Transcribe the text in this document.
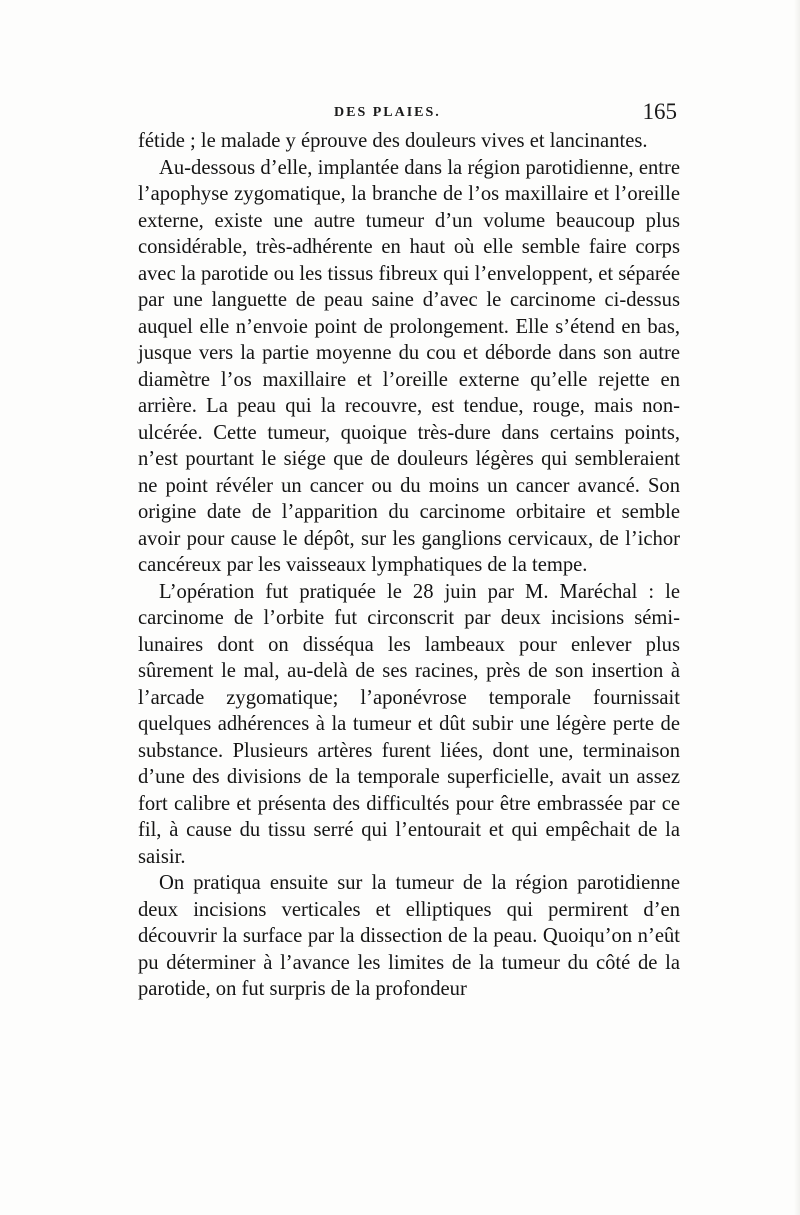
DES PLAIES.	165

fétide ; le malade y éprouve des douleurs vives et lancinantes.

Au-dessous d’elle, implantée dans la région parotidienne, entre l’apophyse zygomatique, la branche de l’os maxillaire et l’oreille externe, existe une autre tumeur d’un volume beaucoup plus considérable, très-adhérente en haut où elle semble faire corps avec la parotide ou les tissus fibreux qui l’enveloppent, et séparée par une languette de peau saine d’avec le carcinome ci-dessus auquel elle n’envoie point de prolongement. Elle s’étend en bas, jusque vers la partie moyenne du cou et déborde dans son autre diamètre l’os maxillaire et l’oreille externe qu’elle rejette en arrière. La peau qui la recouvre, est tendue, rouge, mais non-ulcérée. Cette tumeur, quoique très-dure dans certains points, n’est pourtant le siége que de douleurs légères qui sembleraient ne point révéler un cancer ou du moins un cancer avancé. Son origine date de l’apparition du carcinome orbitaire et semble avoir pour cause le dépôt, sur les ganglions cervicaux, de l’ichor cancéreux par les vaisseaux lymphatiques de la tempe.

L’opération fut pratiquée le 28 juin par M. Maréchal : le carcinome de l’orbite fut circonscrit par deux incisions sémi-lunaires dont on disséqua les lambeaux pour enlever plus sûrement le mal, au-delà de ses racines, près de son insertion à l’arcade zygomatique; l’aponévrose temporale fournissait quelques adhérences à la tumeur et dût subir une légère perte de substance. Plusieurs artères furent liées, dont une, terminaison d’une des divisions de la temporale superficielle, avait un assez fort calibre et présenta des difficultés pour être embrassée par ce fil, à cause du tissu serré qui l’entourait et qui empêchait de la saisir.

On pratiqua ensuite sur la tumeur de la région parotidienne deux incisions verticales et elliptiques qui permirent d’en découvrir la surface par la dissection de la peau. Quoiqu’on n’eût pu déterminer à l’avance les limites de la tumeur du côté de la parotide, on fut surpris de la profondeur
